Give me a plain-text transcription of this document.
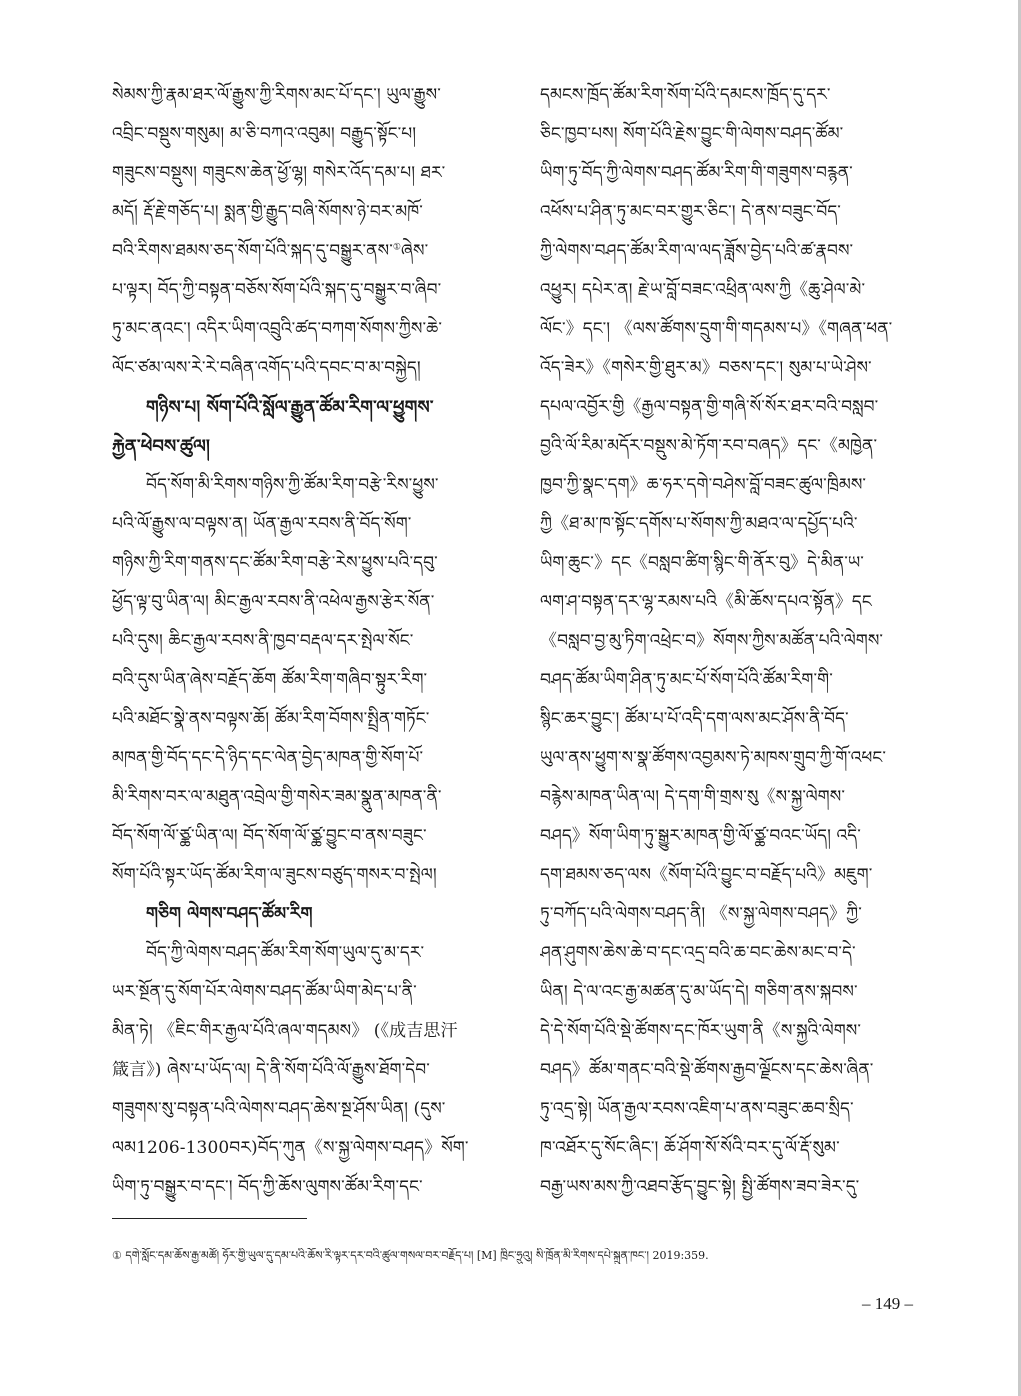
སེམས་ཀྱི་རྣམ་ཐར་ལོ་རྒྱུས་ཀྱི་རིགས་མང་པོ་དང་། ཡུལ་རྒྱུས་
འབྲིང་བསྡུས་གསུམ། མ་ཅི་བཀའ་འབུམ། བརྒྱུད་སྟོང་པ།
གཟུངས་བསྡུས། གཟུངས་ཆེན་ཕྱོ་ལྷ། གསེར་འོད་དམ་པ། ཐར་
མདོ། རྡོ་རྗེ་གཅོད་པ། སྨན་གྱི་རྒྱུད་བཞི་སོགས་ཉེ་བར་མཁོ་
བའི་རིགས་ཐམས་ཅད་སོག་པོའི་སྐད་དུ་བསྒྱུར་ནས་①ཞེས་
པ་ལྟར། བོད་ཀྱི་བསྟན་བཅོས་སོག་པོའི་སྐད་དུ་བསྒྱུར་བ་ཞིབ་
ཏུ་མང་ནའང་། འདིར་ཡིག་འབྲུའི་ཚད་བཀག་སོགས་ཀྱིས་ཆེ་
ལོང་ཙམ་ལས་རེ་རེ་བཞིན་འགོད་པའི་དབང་བ་མ་བསྐྱེད།
གཉིས་པ། སོག་པོའི་སློལ་རྒྱུན་ཚོམ་རིག་ལ་ཕྱུགས་
རྐྱེན་ཕེབས་ཚུལ།
བོད་སོག་མི་རིགས་གཉིས་ཀྱི་ཚོམ་རིག་བརྩེ་རིས་ཕྱུས་
པའི་ལོ་རྒྱུས་ལ་བལྟས་ན། ཡོན་རྒྱལ་རབས་ནི་བོད་སོག་
གཉིས་ཀྱི་རིག་གནས་དང་ཚོམ་རིག་བརྩེ་རེས་ཕྱུས་པའི་དབུ་
ཕྱོད་ལྟ་བུ་ཡིན་ལ། མིང་རྒྱལ་རབས་ནི་འཕེལ་རྒྱས་རྩེར་སོན་
པའི་དུས། ཆིང་རྒྱལ་རབས་ནི་ཁྱབ་བརྡལ་དར་སྤེལ་སོང་
བའི་དུས་ཡིན་ཞེས་བརྗོད་ཆོག ཚོམ་རིག་གཞིབ་སྟུར་རིག་
པའི་མཐོང་སྣེ་ནས་བལྟས་ཆོ། ཚོམ་རིག་བོགས་སྤྲིན་གཏོང་
མཁན་གྱི་བོད་དང་དེ་ཉིད་དང་ལེན་བྱེད་མཁན་གྱི་སོག་པོ་
མི་རིགས་བར་ལ་མཐུན་འབྲེལ་གྱི་གསེར་ཟམ་སྣུན་མཁན་ནི་
བོད་སོག་ལོ་ཙྪ་ཡིན་ལ། བོད་སོག་ལོ་ཙྪ་བྱུང་བ་ནས་བཟུང་
སོག་པོའི་སྟར་ཡོད་ཚོམ་རིག་ལ་ཟུངས་བཙུད་གསར་བ་སྤེལ།
གཅིག ལེགས་བཤད་ཚོམ་རིག
བོད་ཀྱི་ལེགས་བཤད་ཚོམ་རིག་སོག་ཡུལ་དུ་མ་དར་
ཡར་སྔོན་དུ་སོག་པོར་ལེགས་བཤད་ཚོམ་ཡིག་མེད་པ་ནི་
མིན་ཏེ། 《ཇིང་གིར་རྒྱལ་པོའི་ཞལ་གདམས》 (《成吉思汗
箴言》) ཞེས་པ་ཡོད་ལ། དེ་ནི་སོག་པོའི་ལོ་རྒྱུས་ཐོག་དེབ་
གཟུགས་སུ་བསྟན་པའི་ལེགས་བཤད་ཆེས་སྔ་ཤོས་ཡིན། (དུས་
ལམ1206-1300བར)བོད་ཀུན《ས་སྐྱ་ལེགས་བཤད》སོག་
ཡིག་ཏུ་བསྒྱུར་བ་དང་། བོད་ཀྱི་ཆོས་ལུགས་ཚོམ་རིག་དང་
དམངས་ཁྲོད་ཚོམ་རིག་སོག་པོའི་དམངས་ཁྲོད་དུ་དར་
ཅིང་ཁྱབ་པས། སོག་པོའི་རྗེས་བྱུང་གི་ལེགས་བཤད་ཚོམ་
ཡིག་ཏུ་བོད་ཀྱི་ལེགས་བཤད་ཚོམ་རིག་གི་གཟུགས་བརྙན་
འཕོས་པ་ཤིན་ཏུ་མང་བར་གྱུར་ཅིང་། དེ་ནས་བཟུང་བོད་
ཀྱི་ལེགས་བཤད་ཚོམ་རིག་ལ་ལད་ཟློས་བྱེད་པའི་ཚ་རྣབས་
འཕྱུར། དཔེར་ན། རྗེ་ཡ་བློ་བཟང་འཕྲིན་ལས་ཀྱི《ཆུ་ཤེལ་མེ་
ལོང་》དང་། 《ལས་ཚོགས་དྲུག་གི་གདམས་པ》《གཞན་ཕན་
འོད་ཟེར》《གསེར་གྱི་ཐུར་མ》བཅས་དང་། སུམ་པ་ཡེ་ཤེས་
དཔལ་འབྱོར་གྱི《རྒྱལ་བསྟན་གྱི་གཞི་སོ་སོར་ཐར་བའི་བསླབ་
བྱའི་ལོ་རིམ་མདོར་བསྡུས་མེ་ཏོག་རབ་བཞད》དང་《མཁྱེན་
ཁྱབ་ཀྱི་སྣང་དག》ཆ་ཧར་དགེ་བཤེས་བློ་བཟང་ཚུལ་ཁྲིམས་
ཀྱི《ཐ་མ་ཁ་སྟོང་དགོས་པ་སོགས་ཀྱི་མཐའ་ལ་དཔྱོད་པའི་
ཡིག་ཆུང་》དང《བསླབ་ཚིག་སྙིང་གི་ནོར་བུ》དེ་མིན་ཡ་
ལག་ཤ་བསྟན་དར་ལྷ་རམས་པའི《མི་ཆོས་དཔའ་སྟོན》དང
《བསླབ་བྱ་མུ་ཏིག་འཕྲེང་བ》སོགས་ཀྱིས་མཚོན་པའི་ལེགས་
བཤད་ཚོམ་ཡིག་ཤིན་ཏུ་མང་པོ་སོག་པོའི་ཚོམ་རིག་གི་
སྙིང་ཆར་བྱུང་། ཚོམ་པ་པོ་འདི་དག་ལས་མང་ཤོས་ནི་བོད་
ཡུལ་ནས་ཕྱུག་ས་སྣ་ཚོགས་འབྱམས་ཏེ་མཁས་གྲུབ་ཀྱི་གོ་འཕང་
བརྙེས་མཁན་ཡིན་ལ། དེ་དག་གི་གྲས་སུ《ས་སྐྱ་ལེགས་
བཤད》སོག་ཡིག་ཏུ་སྒྱུར་མཁན་གྱི་ལོ་ཙྪ་བའང་ཡོད། འདི་
དག་ཐམས་ཅད་ལས《སོག་པོའི་བྱུང་བ་བརྗོད་པའི》མཇུག་
ཏུ་བཀོད་པའི་ལེགས་བཤད་ནི། 《ས་སྐྱ་ལེགས་བཤད》ཀྱི་
ཤན་ཤུགས་ཆེས་ཆེ་བ་དང་འདྲ་བའི་ཆ་བང་ཆེས་མང་བ་དེ་
ཡིན། དེ་ལ་འང་རྒྱ་མཚན་དུ་མ་ཡོད་དེ། གཅིག་ནས་སྐབས་
དེ་དེ་སོག་པོའི་སྡེ་ཚོགས་དང་ཁོར་ཡུག་ནི《ས་སྐྱའི་ལེགས་
བཤད》ཚོམ་གནང་བའི་སྡེ་ཚོགས་རྒྱབ་ལྗོངས་དང་ཆེས་ཞིན་
ཏུ་འདྲ་སྟེ། ཡོན་རྒྱལ་རབས་འཇིག་པ་ནས་བཟུང་ཆབ་སྲིད་
ཁ་འཐོར་དུ་སོང་ཞིང་། ཆོ་ཤོག་སོ་སོའི་བར་དུ་ལོ་རྡོ་སུམ་
བརྒྱ་ཡས་མས་ཀྱི་འཐབ་རྩོད་བྱུང་སྟེ། སྤྱི་ཚོགས་ཟབ་ཟེར་དུ་
① དགེ་སློང་དམ་ཆོས་རྒྱ་མཚོ། ཧོར་གྱི་ཡུལ་དུ་དམ་པའི་ཆོས་རི་ལྟར་དར་བའི་ཚུལ་གསལ་བར་བརྗོད་པ། [M] ཁྲིང་ཧྲུའུ། སི་ཁྲོན་མི་རིགས་དཔེ་སྐྲུན་ཁང་། 2019:359.
– 149 –
